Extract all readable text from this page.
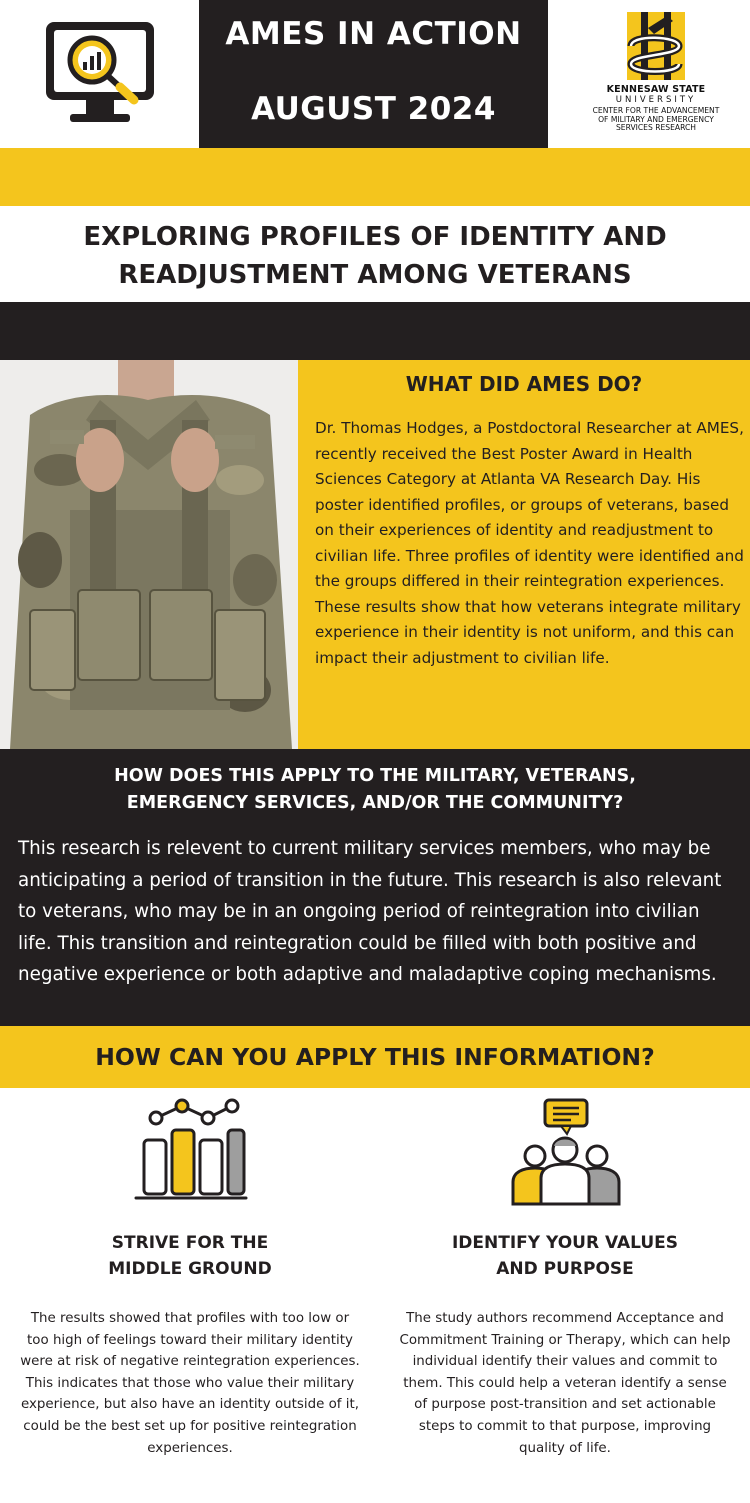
AMES IN ACTION
AUGUST 2024
KENNESAW STATE
UNIVERSITY
CENTER FOR THE ADVANCEMENT
OF MILITARY AND EMERGENCY
SERVICES RESEARCH
EXPLORING PROFILES OF IDENTITY AND
READJUSTMENT AMONG VETERANS
WHAT DID AMES DO?
Dr. Thomas Hodges, a Postdoctoral Researcher at AMES, recently received the Best Poster Award in Health Sciences Category at Atlanta VA Research Day. His poster identified profiles, or groups of veterans, based on their experiences of identity and readjustment to civilian life. Three profiles of identity were identified and the groups differed in their reintegration experiences. These results show that how veterans integrate military experience in their identity is not uniform, and this can impact their adjustment to civilian life.
HOW DOES THIS APPLY TO THE MILITARY, VETERANS,
EMERGENCY SERVICES, AND/OR THE COMMUNITY?
This research is relevent to current military services members, who may be anticipating a period of transition in the future. This research is also relevant to veterans, who may be in an ongoing period of reintegration into civilian life. This transition and reintegration could be filled with both positive and negative experience or both adaptive and maladaptive coping mechanisms.
HOW CAN YOU APPLY THIS INFORMATION?
STRIVE FOR THE
MIDDLE GROUND
The results showed that profiles with too low or too high of feelings toward their military identity were at risk of negative reintegration experiences. This indicates that those who value their military experience, but also have an identity outside of it, could be the best set up for positive reintegration experiences.
IDENTIFY YOUR VALUES
AND PURPOSE
The study authors recommend Acceptance and Commitment Training or Therapy, which can help individual identify their values and commit to them. This could help a veteran identify a sense of purpose post-transition and set actionable steps to commit to that purpose, improving quality of life.
